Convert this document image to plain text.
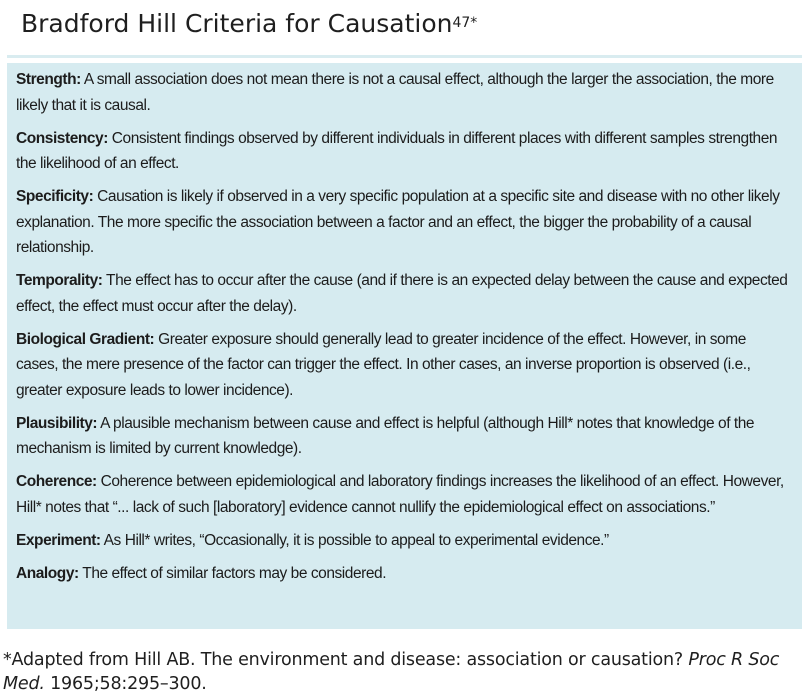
Bradford Hill Criteria for Causation$^{47*}$

Strength: A small association does not mean there is not a causal effect, although the larger the association, the more likely that it is causal.

Consistency: Consistent findings observed by different individuals in different places with different samples strengthen the likelihood of an effect.

Specificity: Causation is likely if observed in a very specific population at a specific site and disease with no other likely explanation. The more specific the association between a factor and an effect, the bigger the probability of a causal relationship.

Temporality: The effect has to occur after the cause (and if there is an expected delay between the cause and expected effect, the effect must occur after the delay).

Biological Gradient: Greater exposure should generally lead to greater incidence of the effect. However, in some cases, the mere presence of the factor can trigger the effect. In other cases, an inverse proportion is observed (i.e., greater exposure leads to lower incidence).

Plausibility: A plausible mechanism between cause and effect is helpful (although Hill* notes that knowledge of the mechanism is limited by current knowledge).

Coherence: Coherence between epidemiological and laboratory findings increases the likelihood of an effect. However, Hill* notes that “... lack of such [laboratory] evidence cannot nullify the epidemiological effect on associations.”

Experiment: As Hill* writes, “Occasionally, it is possible to appeal to experimental evidence.”

Analogy: The effect of similar factors may be considered.

*Adapted from Hill AB. The environment and disease: association or causation? Proc R Soc Med. 1965;58:295–300.
